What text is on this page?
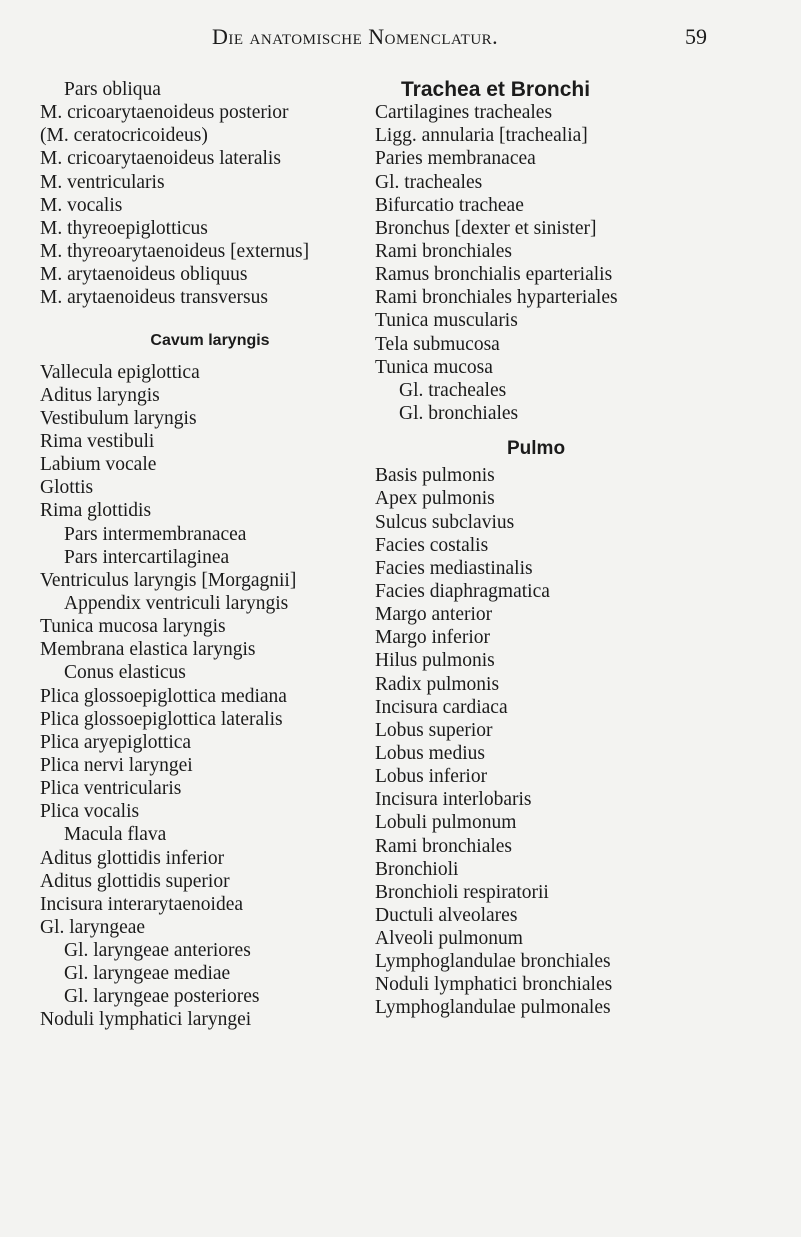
Die anatomische Nomenclatur.	59
Pars obliqua
M. cricoarytaenoideus posterior
(M. ceratocricoideus)
M. cricoarytaenoideus lateralis
M. ventricularis
M. vocalis
M. thyreoepiglotticus
M. thyreoarytaenoideus [externus]
M. arytaenoideus obliquus
M. arytaenoideus transversus
Cavum laryngis
Vallecula epiglottica
Aditus laryngis
Vestibulum laryngis
Rima vestibuli
Labium vocale
Glottis
Rima glottidis
Pars intermembranacea
Pars intercartilaginea
Ventriculus laryngis [Morgagnii]
Appendix ventriculi laryngis
Tunica mucosa laryngis
Membrana elastica laryngis
Conus elasticus
Plica glossoepiglottica mediana
Plica glossoepiglottica lateralis
Plica aryepiglottica
Plica nervi laryngei
Plica ventricularis
Plica vocalis
Macula flava
Aditus glottidis inferior
Aditus glottidis superior
Incisura interarytaenoidea
Gl. laryngeae
Gl. laryngeae anteriores
Gl. laryngeae mediae
Gl. laryngeae posteriores
Noduli lymphatici laryngei
Trachea et Bronchi
Cartilagines tracheales
Ligg. annularia [trachealia]
Paries membranacea
Gl. tracheales
Bifurcatio tracheae
Bronchus [dexter et sinister]
Rami bronchiales
Ramus bronchialis eparterialis
Rami bronchiales hyparteriales
Tunica muscularis
Tela submucosa
Tunica mucosa
Gl. tracheales
Gl. bronchiales
Pulmo
Basis pulmonis
Apex pulmonis
Sulcus subclavius
Facies costalis
Facies mediastinalis
Facies diaphragmatica
Margo anterior
Margo inferior
Hilus pulmonis
Radix pulmonis
Incisura cardiaca
Lobus superior
Lobus medius
Lobus inferior
Incisura interlobaris
Lobuli pulmonum
Rami bronchiales
Bronchioli
Bronchioli respiratorii
Ductuli alveolares
Alveoli pulmonum
Lymphoglandulae bronchiales
Noduli lymphatici bronchiales
Lymphoglandulae pulmonales
